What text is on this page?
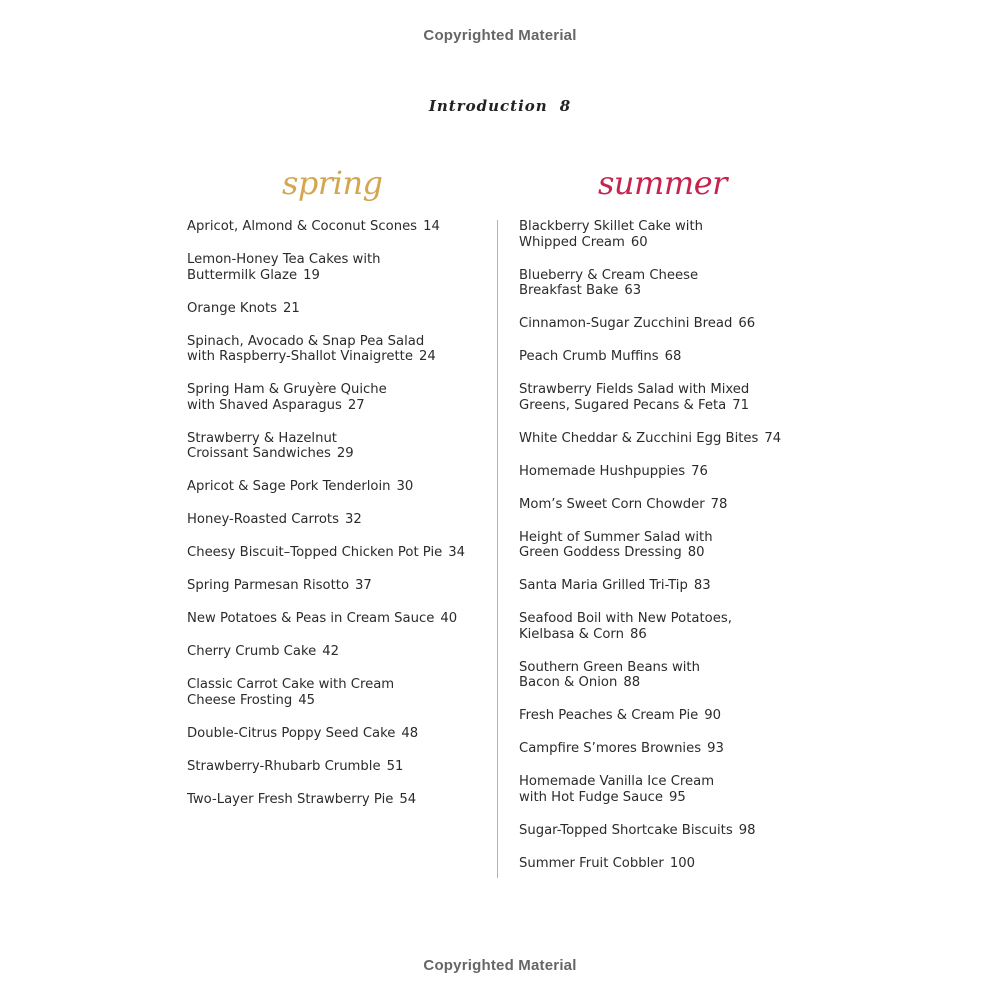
Copyrighted Material
Introduction 8
spring	summer
Apricot, Almond & Coconut Scones 14
Lemon-Honey Tea Cakes with
Buttermilk Glaze 19
Orange Knots 21
Spinach, Avocado & Snap Pea Salad
with Raspberry-Shallot Vinaigrette 24
Spring Ham & Gruyère Quiche
with Shaved Asparagus 27
Strawberry & Hazelnut
Croissant Sandwiches 29
Apricot & Sage Pork Tenderloin 30
Honey-Roasted Carrots 32
Cheesy Biscuit–Topped Chicken Pot Pie 34
Spring Parmesan Risotto 37
New Potatoes & Peas in Cream Sauce 40
Cherry Crumb Cake 42
Classic Carrot Cake with Cream
Cheese Frosting 45
Double-Citrus Poppy Seed Cake 48
Strawberry-Rhubarb Crumble 51
Two-Layer Fresh Strawberry Pie 54
Blackberry Skillet Cake with
Whipped Cream 60
Blueberry & Cream Cheese
Breakfast Bake 63
Cinnamon-Sugar Zucchini Bread 66
Peach Crumb Muffins 68
Strawberry Fields Salad with Mixed
Greens, Sugared Pecans & Feta 71
White Cheddar & Zucchini Egg Bites 74
Homemade Hushpuppies 76
Mom’s Sweet Corn Chowder 78
Height of Summer Salad with
Green Goddess Dressing 80
Santa Maria Grilled Tri-Tip 83
Seafood Boil with New Potatoes,
Kielbasa & Corn 86
Southern Green Beans with
Bacon & Onion 88
Fresh Peaches & Cream Pie 90
Campfire S’mores Brownies 93
Homemade Vanilla Ice Cream
with Hot Fudge Sauce 95
Sugar-Topped Shortcake Biscuits 98
Summer Fruit Cobbler 100
Copyrighted Material
